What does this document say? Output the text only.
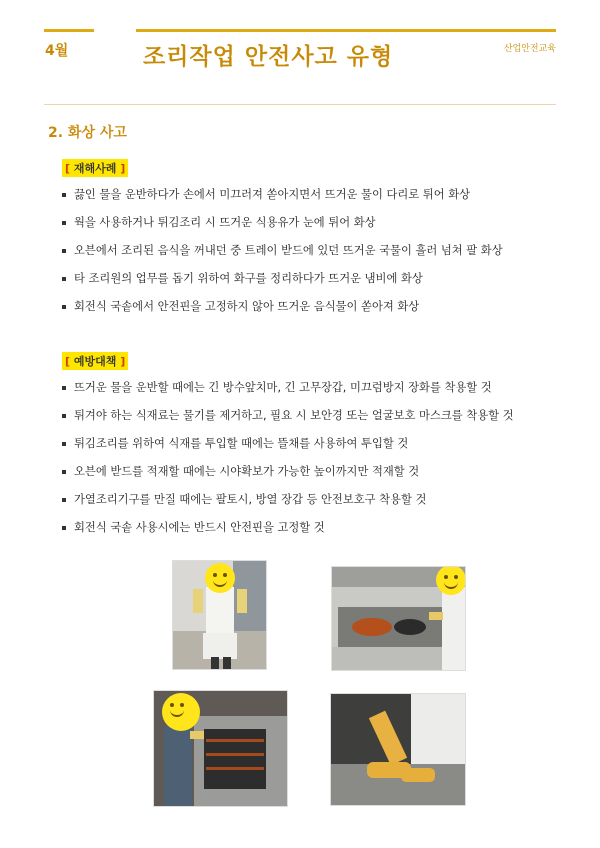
4월	조리작업 안전사고 유형	산업안전교육
2. 화상 사고
[ 재해사례 ]
끓인 물을 운반하다가 손에서 미끄러져 쏟아지면서 뜨거운 물이 다리로 튀어 화상
웍을 사용하거나 튀김조리 시 뜨거운 식용유가 눈에 튀어 화상
오븐에서 조리된 음식을 꺼내던 중 트레이 받드에 있던 뜨거운 국물이 흘러 넘쳐 팔 화상
타 조리원의 업무를 돕기 위하여 화구를 정리하다가 뜨거운 냄비에 화상
회전식 국솥에서 안전핀을 고정하지 않아 뜨거운 음식물이 쏟아져 화상
[ 예방대책 ]
뜨거운 물을 운반할 때에는 긴 방수앞치마, 긴 고무장갑, 미끄럼방지 장화를 착용할 것
튀겨야 하는 식재료는 물기를 제거하고, 필요 시 보안경 또는 얼굴보호 마스크를 착용할 것
튀김조리를 위하여 식재를 투입할 때에는 뜰채를 사용하여 투입할 것
오븐에 받드를 적재할 때에는 시야확보가 가능한 높이까지만 적재할 것
가열조리기구를 만질 때에는 팔토시, 방열 장갑 등 안전보호구 착용할 것
회전식 국솥 사용시에는 반드시 안전핀을 고정할 것
